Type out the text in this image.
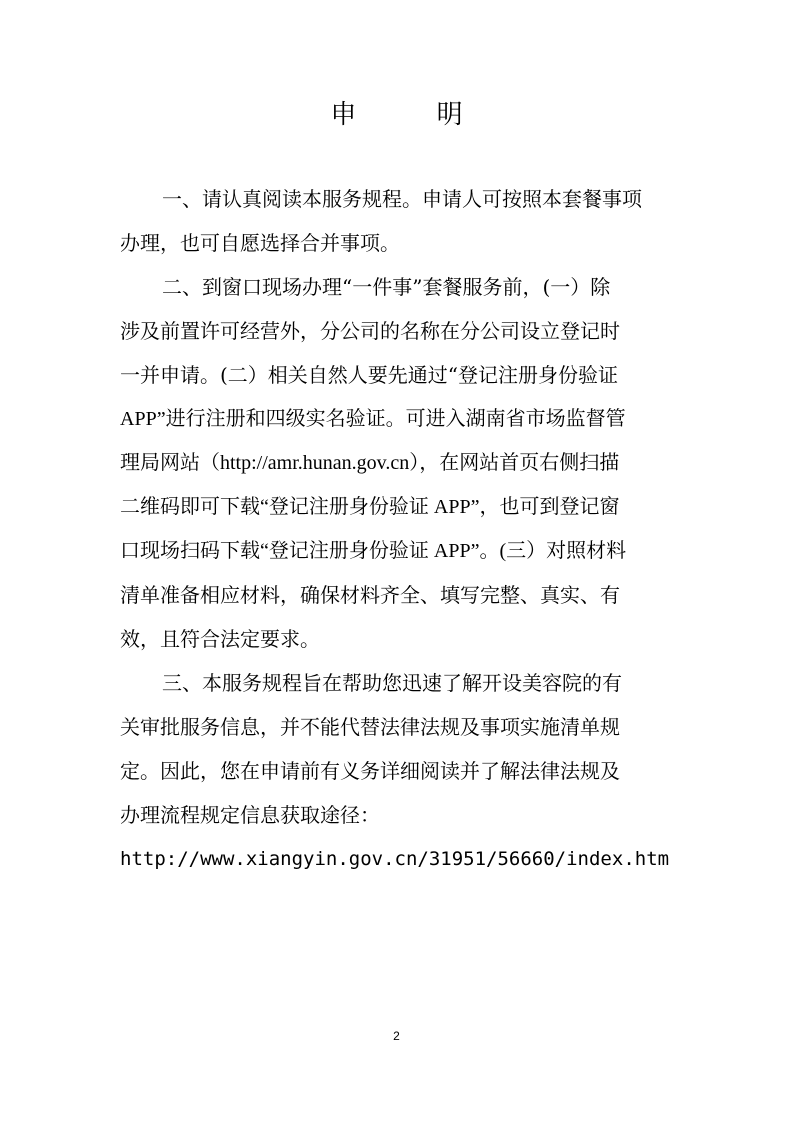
申 明
一、请认真阅读本服务规程。申请人可按照本套餐事项
办理，也可自愿选择合并事项。
二、到窗口现场办理“一件事”套餐服务前，(一）除
涉及前置许可经营外，分公司的名称在分公司设立登记时
一并申请。(二）相关自然人要先通过“登记注册身份验证
APP”进行注册和四级实名验证。可进入湖南省市场监督管
理局网站（http://amr.hunan.gov.cn），在网站首页右侧扫描
二维码即可下载“登记注册身份验证 APP”，也可到登记窗
口现场扫码下载“登记注册身份验证 APP”。(三）对照材料
清单准备相应材料，确保材料齐全、填写完整、真实、有
效，且符合法定要求。
三、本服务规程旨在帮助您迅速了解开设美容院的有
关审批服务信息，并不能代替法律法规及事项实施清单规
定。因此，您在申请前有义务详细阅读并了解法律法规及
办理流程规定信息获取途径：
http://www.xiangyin.gov.cn/31951/56660/index.htm
2
